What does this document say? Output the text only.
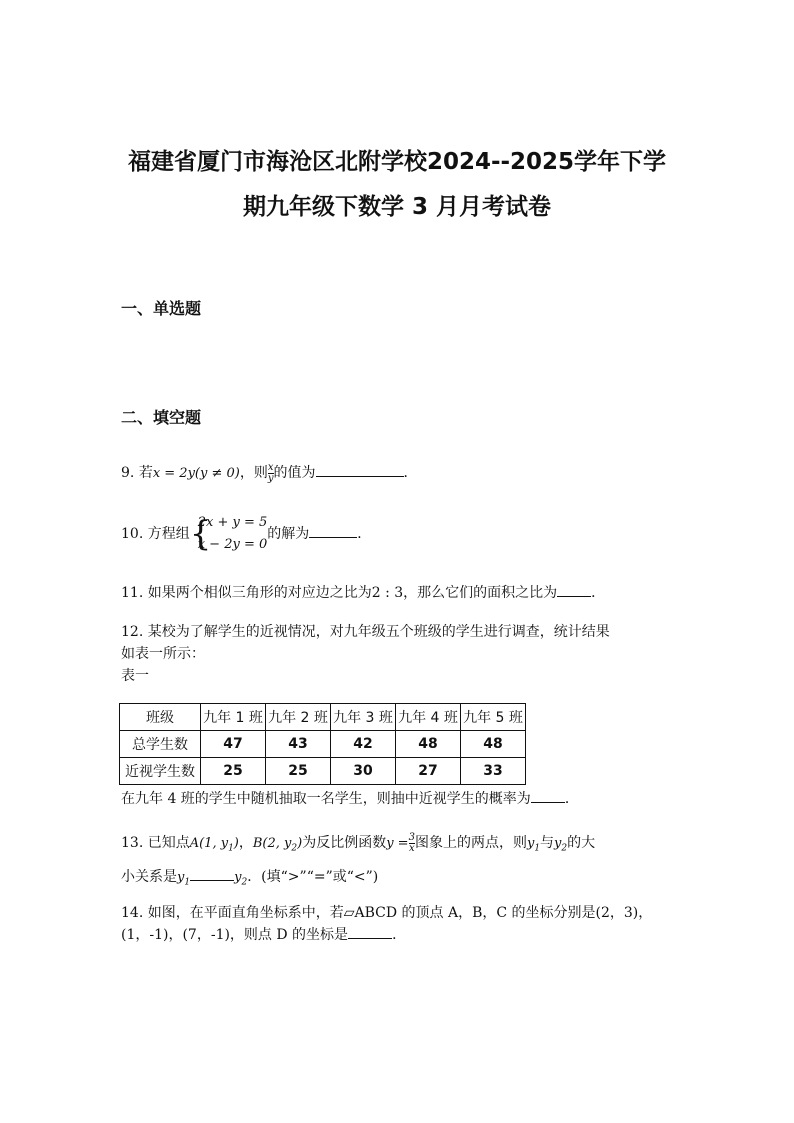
福建省厦门市海沧区北附学校2024--2025学年下学
期九年级下数学 3 月月考试卷
一、单选题
二、填空题
9. 若x = 2y(y ≠ 0)，则 $\frac{x}{y}$ 的值为	．
10. 方程组 {
2x + y = 5
x − 2y = 0
的解为	．
11. 如果两个相似三角形的对应边之比为2 : 3，那么它们的面积之比为 ．
12. 某校为了解学生的近视情况，对九年级五个班级的学生进行调查，统计结果
如表一所示：
表一
班级	九年 1 班	九年 2 班	九年 3 班	九年 4 班	九年 5 班
总学生数	47	43	42	48	48
近视学生数	25	25	30	27	33
在九年 4 班的学生中随机抽取一名学生，则抽中近视学生的概率为 ．
13. 已知点A(1, $y_1$)，B(2, $y_2$)为反比例函数$y = \frac{3}{x}$ 图象上的两点，则$y_1$与$y_2$的大
小关系是$y_1$	$y_2$．(填“>”“=”或“<”)
14. 如图，在平面直角坐标系中，若▱ABCD 的顶点 A，B，C 的坐标分别是(2，3)，
(1，-1)，(7，-1)，则点 D 的坐标是	．
